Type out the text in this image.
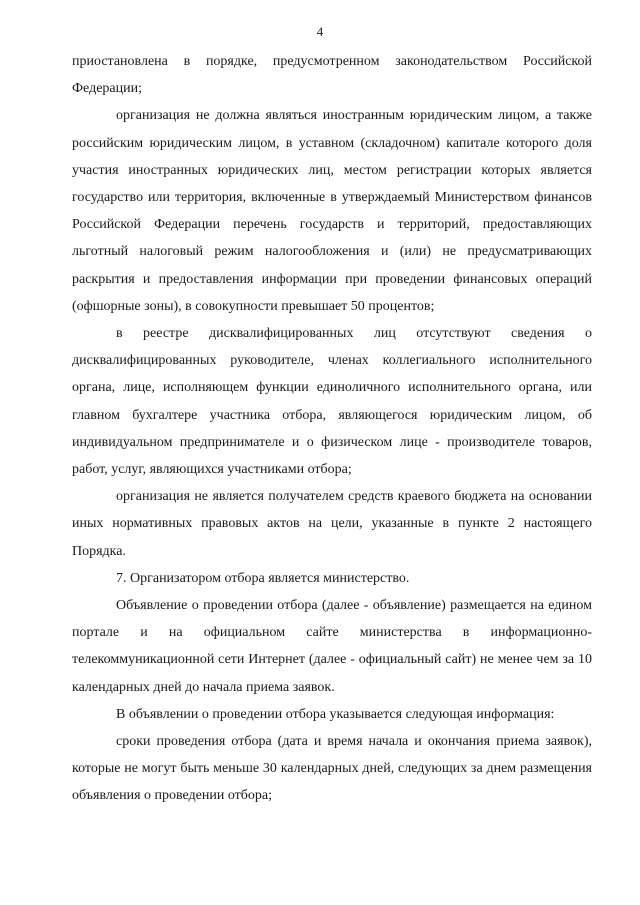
4

приостановлена в порядке, предусмотренном законодательством Российской Федерации;

организация не должна являться иностранным юридическим лицом, а также российским юридическим лицом, в уставном (складочном) капитале которого доля участия иностранных юридических лиц, местом регистрации которых является государство или территория, включенные в утверждаемый Министерством финансов Российской Федерации перечень государств и территорий, предоставляющих льготный налоговый режим налогообложения и (или) не предусматривающих раскрытия и предоставления информации при проведении финансовых операций (офшорные зоны), в совокупности превышает 50 процентов;

в реестре дисквалифицированных лиц отсутствуют сведения о дисквалифицированных руководителе, членах коллегиального исполнительного органа, лице, исполняющем функции единоличного исполнительного органа, или главном бухгалтере участника отбора, являющегося юридическим лицом, об индивидуальном предпринимателе и о физическом лице - производителе товаров, работ, услуг, являющихся участниками отбора;

организация не является получателем средств краевого бюджета на основании иных нормативных правовых актов на цели, указанные в пункте 2 настоящего Порядка.

7. Организатором отбора является министерство.

Объявление о проведении отбора (далее - объявление) размещается на едином портале и на официальном сайте министерства в информационно-телекоммуникационной сети Интернет (далее - официальный сайт) не менее чем за 10 календарных дней до начала приема заявок.

В объявлении о проведении отбора указывается следующая информация:

сроки проведения отбора (дата и время начала и окончания приема заявок), которые не могут быть меньше 30 календарных дней, следующих за днем размещения объявления о проведении отбора;
